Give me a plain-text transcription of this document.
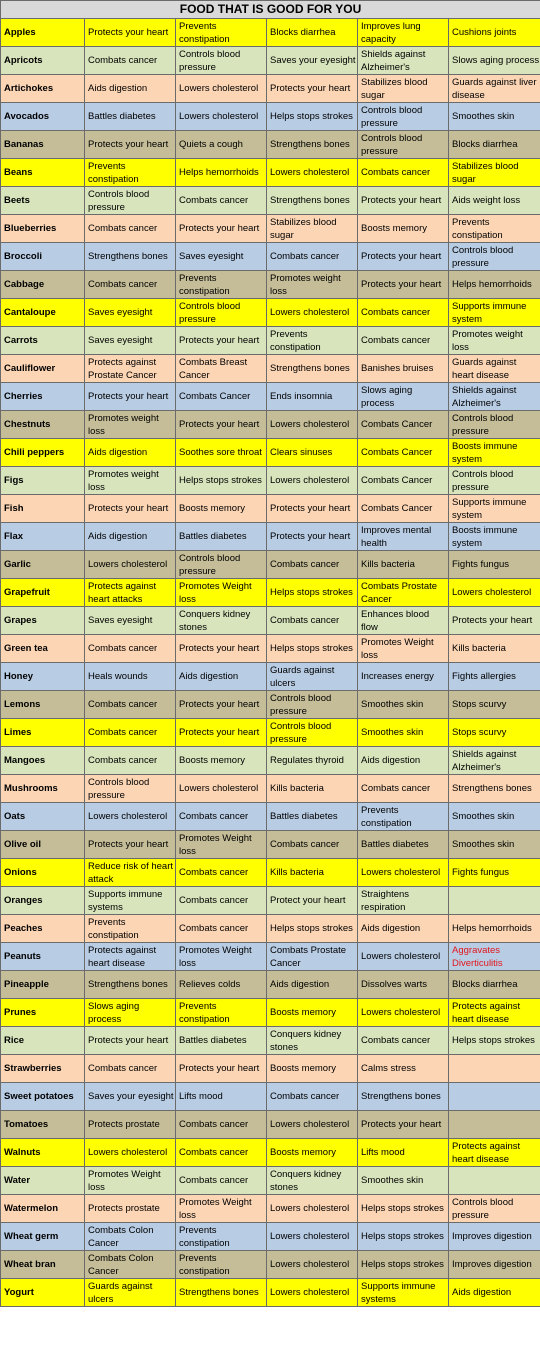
FOOD THAT IS GOOD FOR YOU					
Apples	Protects your heart	Prevents constipation	Blocks diarrhea	Improves lung capacity	Cushions joints
Apricots	Combats cancer	Controls blood pressure	Saves your eyesight	Shields against Alzheimer's	Slows aging process
Artichokes	Aids digestion	Lowers cholesterol	Protects your heart	Stabilizes blood sugar	Guards against liver disease
Avocados	Battles diabetes	Lowers cholesterol	Helps stops strokes	Controls blood pressure	Smoothes skin
Bananas	Protects your heart	Quiets a cough	Strengthens bones	Controls blood pressure	Blocks diarrhea
Beans	Prevents constipation	Helps hemorrhoids	Lowers cholesterol	Combats cancer	Stabilizes blood sugar
Beets	Controls blood pressure	Combats cancer	Strengthens bones	Protects your heart	Aids weight loss
Blueberries	Combats cancer	Protects your heart	Stabilizes blood sugar	Boosts memory	Prevents constipation
Broccoli	Strengthens bones	Saves eyesight	Combats cancer	Protects your heart	Controls blood pressure
Cabbage	Combats cancer	Prevents constipation	Promotes weight loss	Protects your heart	Helps hemorrhoids
Cantaloupe	Saves eyesight	Controls blood pressure	Lowers cholesterol	Combats cancer	Supports immune system
Carrots	Saves eyesight	Protects your heart	Prevents constipation	Combats cancer	Promotes weight loss
Cauliflower	Protects against Prostate Cancer	Combats Breast Cancer	Strengthens bones	Banishes bruises	Guards against heart disease
Cherries	Protects your heart	Combats Cancer	Ends insomnia	Slows aging process	Shields against Alzheimer's
Chestnuts	Promotes weight loss	Protects your heart	Lowers cholesterol	Combats Cancer	Controls blood pressure
Chili peppers	Aids digestion	Soothes sore throat	Clears sinuses	Combats Cancer	Boosts immune system
Figs	Promotes weight loss	Helps stops strokes	Lowers cholesterol	Combats Cancer	Controls blood pressure
Fish	Protects your heart	Boosts memory	Protects your heart	Combats Cancer	Supports immune system
Flax	Aids digestion	Battles diabetes	Protects your heart	Improves mental health	Boosts immune system
Garlic	Lowers cholesterol	Controls blood pressure	Combats cancer	Kills bacteria	Fights fungus
Grapefruit	Protects against heart attacks	Promotes Weight loss	Helps stops strokes	Combats Prostate Cancer	Lowers cholesterol
Grapes	Saves eyesight	Conquers kidney stones	Combats cancer	Enhances blood flow	Protects your heart
Green tea	Combats cancer	Protects your heart	Helps stops strokes	Promotes Weight loss	Kills bacteria
Honey	Heals wounds	Aids digestion	Guards against ulcers	Increases energy	Fights allergies
Lemons	Combats cancer	Protects your heart	Controls blood pressure	Smoothes skin	Stops scurvy
Limes	Combats cancer	Protects your heart	Controls blood pressure	Smoothes skin	Stops scurvy
Mangoes	Combats cancer	Boosts memory	Regulates thyroid	Aids digestion	Shields against Alzheimer's
Mushrooms	Controls blood pressure	Lowers cholesterol	Kills bacteria	Combats cancer	Strengthens bones
Oats	Lowers cholesterol	Combats cancer	Battles diabetes	Prevents constipation	Smoothes skin
Olive oil	Protects your heart	Promotes Weight loss	Combats cancer	Battles diabetes	Smoothes skin
Onions	Reduce risk of heart attack	Combats cancer	Kills bacteria	Lowers cholesterol	Fights fungus
Oranges	Supports immune systems	Combats cancer	Protect your heart	Straightens respiration	
Peaches	Prevents constipation	Combats cancer	Helps stops strokes	Aids digestion	Helps hemorrhoids
Peanuts	Protects against heart disease	Promotes Weight loss	Combats Prostate Cancer	Lowers cholesterol	Aggravates Diverticulitis
Pineapple	Strengthens bones	Relieves colds	Aids digestion	Dissolves warts	Blocks diarrhea
Prunes	Slows aging process	Prevents constipation	Boosts memory	Lowers cholesterol	Protects against heart disease
Rice	Protects your heart	Battles diabetes	Conquers kidney stones	Combats cancer	Helps stops strokes
Strawberries	Combats cancer	Protects your heart	Boosts memory	Calms stress	
Sweet potatoes	Saves your eyesight	Lifts mood	Combats cancer	Strengthens bones	
Tomatoes	Protects prostate	Combats cancer	Lowers cholesterol	Protects your heart	
Walnuts	Lowers cholesterol	Combats cancer	Boosts memory	Lifts mood	Protects against heart disease
Water	Promotes Weight loss	Combats cancer	Conquers kidney stones	Smoothes skin	
Watermelon	Protects prostate	Promotes Weight loss	Lowers cholesterol	Helps stops strokes	Controls blood pressure
Wheat germ	Combats Colon Cancer	Prevents constipation	Lowers cholesterol	Helps stops strokes	Improves digestion
Wheat bran	Combats Colon Cancer	Prevents constipation	Lowers cholesterol	Helps stops strokes	Improves digestion
Yogurt	Guards against ulcers	Strengthens bones	Lowers cholesterol	Supports immune systems	Aids digestion
